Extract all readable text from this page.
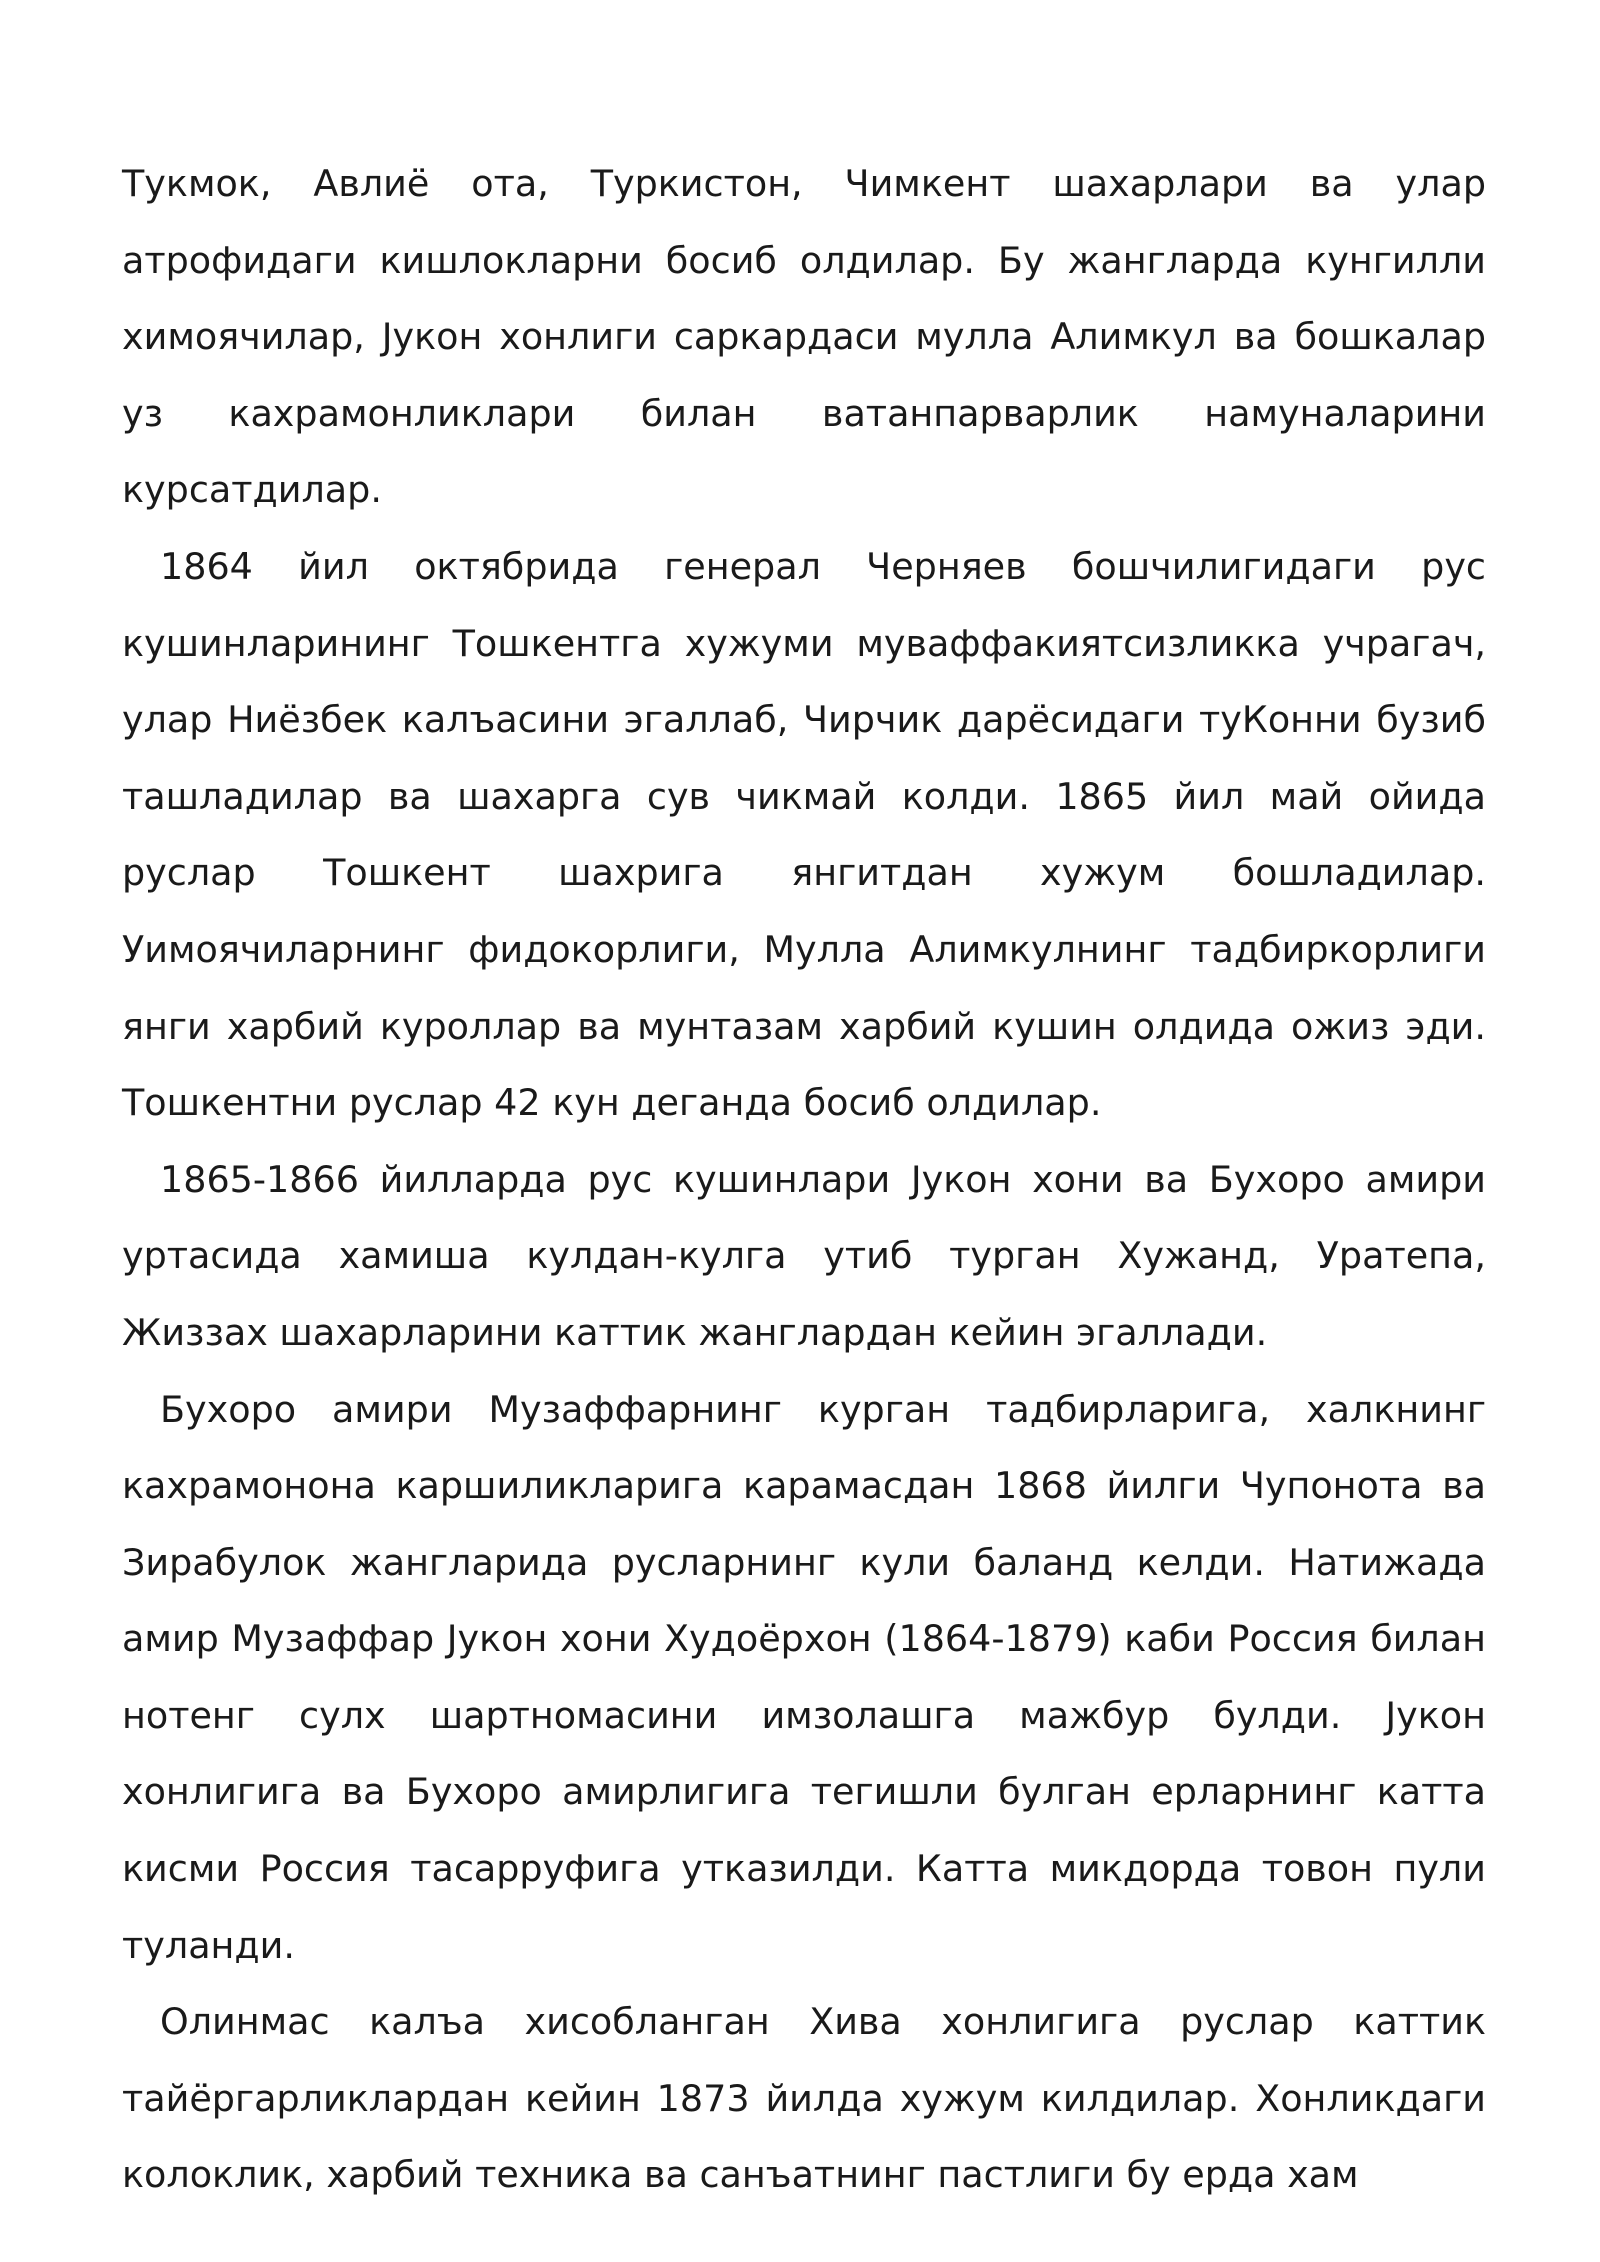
Тукмок, Авлиё ота, Туркистон, Чимкент шахарлари ва улар атрофидаги кишлокларни босиб олдилар. Бу жангларда кунгилли химоячилар, Jукон хонлиги саркардаси мулла Алимкул ва бошкалар уз кахрамонликлари билан ватанпарварлик намуналарини курсатдилар.

1864 йил октябрида генерал Черняев бошчилигидаги рус кушинларининг Тошкентга хужуми муваффакиятсизликка учрагач, улар Ниёзбек калъасини эгаллаб, Чирчик дарёсидаги туКонни бузиб ташладилар ва шахарга сув чикмай колди. 1865 йил май ойида руслар Тошкент шахрига янгитдан хужум бошладилар. Уимоячиларнинг фидокорлиги, Мулла Алимкулнинг тадбиркорлиги янги харбий куроллар ва мунтазам харбий кушин олдида ожиз эди. Тошкентни руслар 42 кун деганда босиб олдилар.

1865-1866 йилларда рус кушинлари Jукон хони ва Бухоро амири уртасида хамиша кулдан-кулга утиб турган Хужанд, Уратепа, Жиззах шахарларини каттик жанглардан кейин эгаллади.

Бухоро амири Музаффарнинг курган тадбирларига, халкнинг кахрамонона каршиликларига карамасдан 1868 йилги Чупонота ва Зирабулок жангларида русларнинг кули баланд келди. Натижада амир Музаффар Jукон хони Худоёрхон (1864-1879) каби Россия билан нотенг сулх шартномасини имзолашга мажбур булди. Jукон хонлигига ва Бухоро амирлигига тегишли булган ерларнинг катта кисми Россия тасарруфига утказилди. Катта микдорда товон пули туланди.

Олинмас калъа хисобланган Хива хонлигига руслар каттик тайёргарликлардан кейин 1873 йилда хужум килдилар. Хонликдаги колоклик, харбий техника ва санъатнинг пастлиги бу ерда хам
